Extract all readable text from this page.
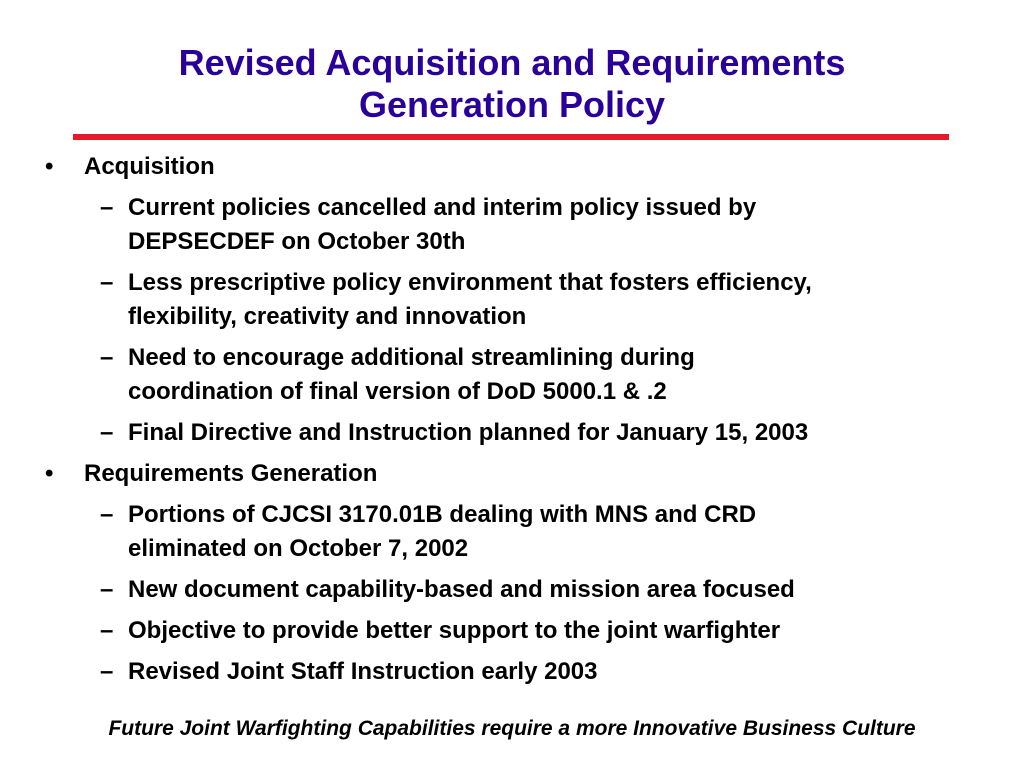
Revised Acquisition and Requirements
Generation Policy
• Acquisition
– Current policies cancelled and interim policy issued by
DEPSECDEF on October 30th
– Less prescriptive policy environment that fosters efficiency,
flexibility, creativity and innovation
– Need to encourage additional streamlining during
coordination of final version of DoD 5000.1 & .2
– Final Directive and Instruction planned for January 15, 2003
• Requirements Generation
– Portions of CJCSI 3170.01B dealing with MNS and CRD
eliminated on October 7, 2002
– New document capability-based and mission area focused
– Objective to provide better support to the joint warfighter
– Revised Joint Staff Instruction early 2003
Future Joint Warfighting Capabilities require a more Innovative Business Culture
